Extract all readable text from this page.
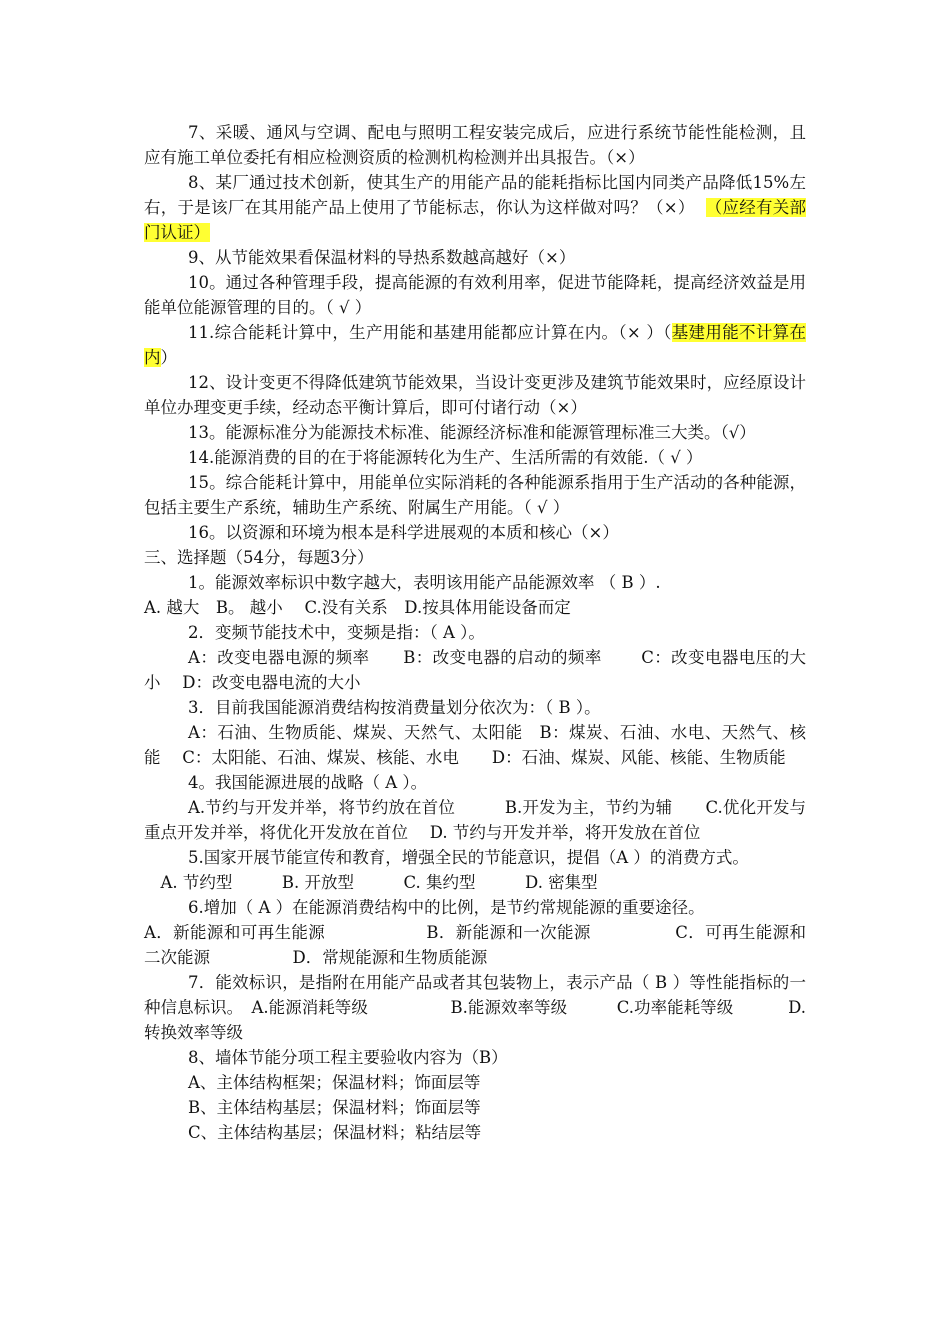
7、采暖、通风与空调、配电与照明工程安装完成后，应进行系统节能性能检测，且应有施工单位委托有相应检测资质的检测机构检测并出具报告。（×）
8、某厂通过技术创新，使其生产的用能产品的能耗指标比国内同类产品降低15%左右，于是该厂在其用能产品上使用了节能标志，你认为这样做对吗？（×） （应经有关部门认证）
9、从节能效果看保温材料的导热系数越高越好（×）
10。通过各种管理手段，提高能源的有效利用率，促进节能降耗，提高经济效益是用能单位能源管理的目的。（ √ ）
11.综合能耗计算中，生产用能和基建用能都应计算在内。（× ）（基建用能不计算在内）
12、设计变更不得降低建筑节能效果，当设计变更涉及建筑节能效果时，应经原设计单位办理变更手续，经动态平衡计算后，即可付诸行动（×）
13。能源标准分为能源技术标准、能源经济标准和能源管理标准三大类。（√）
14.能源消费的目的在于将能源转化为生产、生活所需的有效能.（ √ ）
15。综合能耗计算中，用能单位实际消耗的各种能源系指用于生产活动的各种能源，包括主要生产系统，辅助生产系统、附属生产用能。（ √ ）
16。以资源和环境为根本是科学进展观的本质和核心（×）
三、选择题（54分，每题3分）
1。能源效率标识中数字越大，表明该用能产品能源效率 （ B ）.
A. 越大　B。 越小　 C.没有关系　D.按具体用能设备而定
2．变频节能技术中，变频是指：（ A ）。
A：改变电器电源的频率　　B：改变电器的启动的频率　　 C：改变电器电压的大小　 D：改变电器电流的大小
3．目前我国能源消费结构按消费量划分依次为：（ B ）。
A：石油、生物质能、煤炭、天然气、太阳能　B：煤炭、石油、水电、天然气、核能　 C：太阳能、石油、煤炭、核能、水电　　D：石油、煤炭、风能、核能、生物质能
4。我国能源进展的战略（ A ）。
A.节约与开发并举，将节约放在首位　　　B.开发为主，节约为辅　　C.优化开发与重点开发并举，将优化开发放在首位　 D. 节约与开发并举，将开发放在首位
5.国家开展节能宣传和教育，增强全民的节能意识，提倡（A ）的消费方式。
　A. 节约型　　　B. 开放型　　　C. 集约型　　　D. 密集型
6.增加（ A ）在能源消费结构中的比例，是节约常规能源的重要途径。
A．新能源和可再生能源　　　　　　B．新能源和一次能源　　　　　C．可再生能源和二次能源　　　　　D．常规能源和生物质能源
7．能效标识，是指附在用能产品或者其包装物上，表示产品（ B ）等性能指标的一种信息标识。　A.能源消耗等级　　　　　B.能源效率等级　　　C.功率能耗等级　　　 D. 转换效率等级
8、墙体节能分项工程主要验收内容为（B）
A、主体结构框架；保温材料；饰面层等
B、主体结构基层；保温材料；饰面层等
C、主体结构基层；保温材料；粘结层等
